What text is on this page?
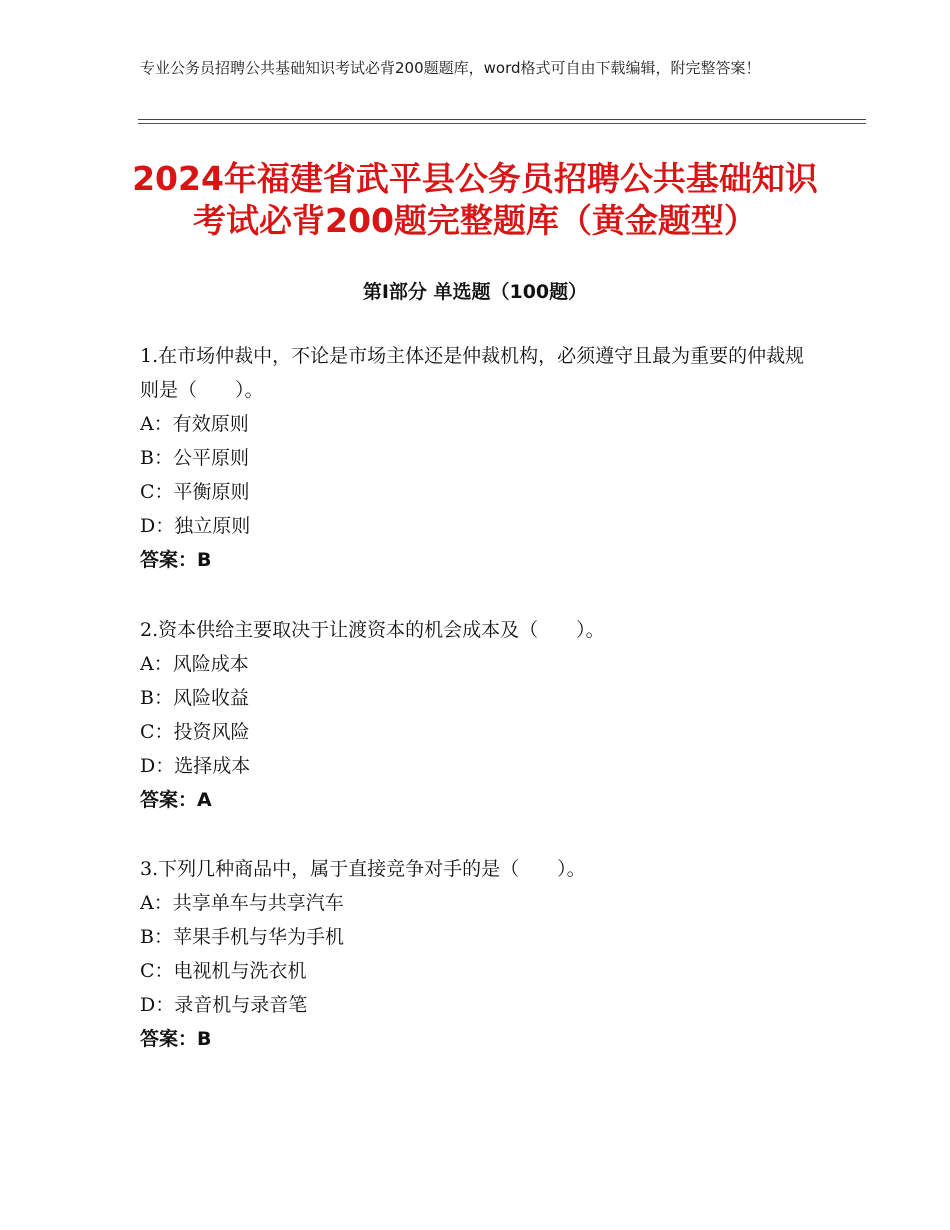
专业公务员招聘公共基础知识考试必背200题题库，word格式可自由下载编辑，附完整答案！
2024年福建省武平县公务员招聘公共基础知识考试必背200题完整题库（黄金题型）
第Ⅰ部分 单选题（100题）
1.在市场仲裁中，不论是市场主体还是仲裁机构，必须遵守且最为重要的仲裁规则是（　　）。
A：有效原则
B：公平原则
C：平衡原则
D：独立原则
答案：B
2.资本供给主要取决于让渡资本的机会成本及（　　）。
A：风险成本
B：风险收益
C：投资风险
D：选择成本
答案：A
3.下列几种商品中，属于直接竞争对手的是（　　）。
A：共享单车与共享汽车
B：苹果手机与华为手机
C：电视机与洗衣机
D：录音机与录音笔
答案：B
